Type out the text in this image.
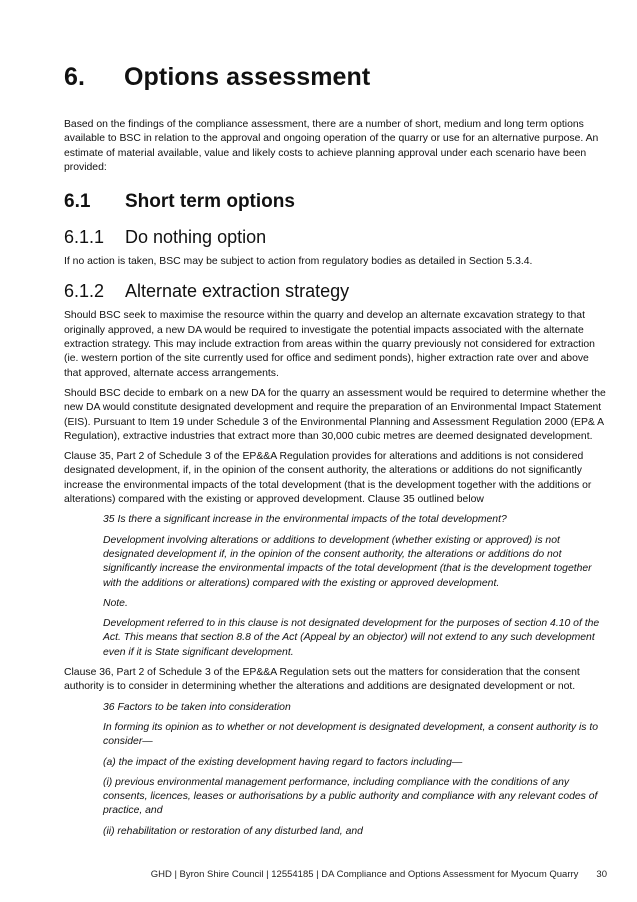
6.	Options assessment

Based on the findings of the compliance assessment, there are a number of short, medium and long term options available to BSC in relation to the approval and ongoing operation of the quarry or use for an alternative purpose. An estimate of material available, value and likely costs to achieve planning approval under each scenario have been provided:

6.1	Short term options
6.1.1	Do nothing option

If no action is taken, BSC may be subject to action from regulatory bodies as detailed in Section 5.3.4.

6.1.2	Alternate extraction strategy

Should BSC seek to maximise the resource within the quarry and develop an alternate excavation strategy to that originally approved, a new DA would be required to investigate the potential impacts associated with the alternate extraction strategy. This may include extraction from areas within the quarry previously not considered for extraction (ie. western portion of the site currently used for office and sediment ponds), higher extraction rate over and above that approved, alternate access arrangements.

Should BSC decide to embark on a new DA for the quarry an assessment would be required to determine whether the new DA would constitute designated development and require the preparation of an Environmental Impact Statement (EIS). Pursuant to Item 19 under Schedule 3 of the Environmental Planning and Assessment Regulation 2000 (EP& A Regulation), extractive industries that extract more than 30,000 cubic metres are deemed designated development.

Clause 35, Part 2 of Schedule 3 of the EP&&A Regulation provides for alterations and additions is not considered designated development, if, in the opinion of the consent authority, the alterations or additions do not significantly increase the environmental impacts of the total development (that is the development together with the additions or alterations) compared with the existing or approved development. Clause 35 outlined below

35 Is there a significant increase in the environmental impacts of the total development?

Development involving alterations or additions to development (whether existing or approved) is not designated development if, in the opinion of the consent authority, the alterations or additions do not significantly increase the environmental impacts of the total development (that is the development together with the additions or alterations) compared with the existing or approved development.

Note.

Development referred to in this clause is not designated development for the purposes of section 4.10 of the Act. This means that section 8.8 of the Act (Appeal by an objector) will not extend to any such development even if it is State significant development.

Clause 36, Part 2 of Schedule 3 of the EP&&A Regulation sets out the matters for consideration that the consent authority is to consider in determining whether the alterations and additions are designated development or not.

36 Factors to be taken into consideration

In forming its opinion as to whether or not development is designated development, a consent authority is to consider—

(a) the impact of the existing development having regard to factors including—

(i) previous environmental management performance, including compliance with the conditions of any consents, licences, leases or authorisations by a public authority and compliance with any relevant codes of practice, and

(ii) rehabilitation or restoration of any disturbed land, and

GHD | Byron Shire Council | 12554185 | DA Compliance and Options Assessment for Myocum Quarry 30
